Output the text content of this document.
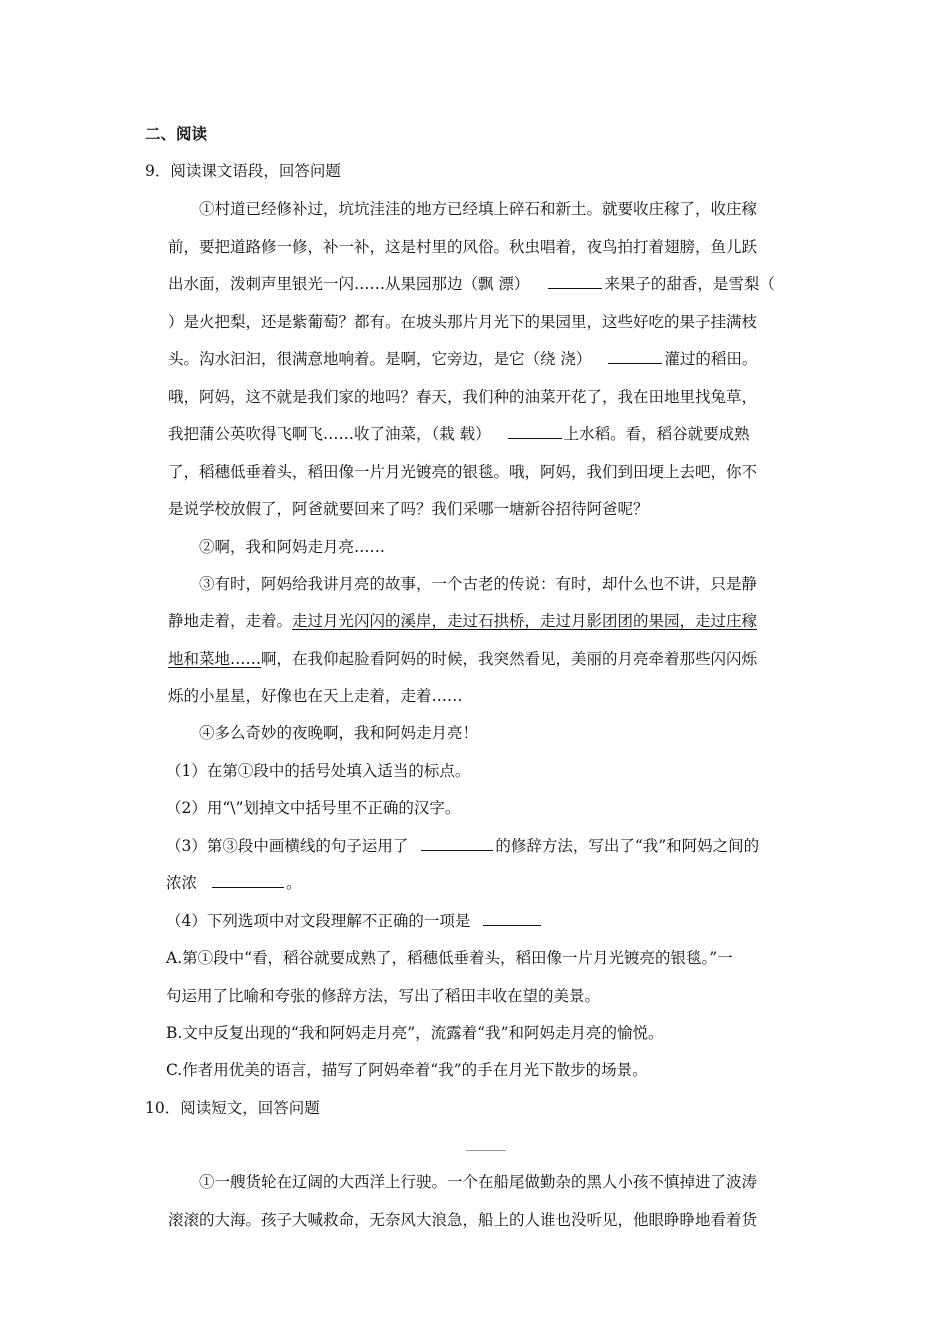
二、阅读
9．阅读课文语段，回答问题
①村道已经修补过，坑坑洼洼的地方已经填上碎石和新土。就要收庄稼了，收庄稼
前，要把道路修一修，补一补，这是村里的风俗。秋虫唱着，夜鸟拍打着翅膀，鱼儿跃
出水面，泼刺声里银光一闪……从果园那边（飘 漂）	来果子的甜香，是雪梨（
）是火把梨，还是紫葡萄？都有。在坡头那片月光下的果园里，这些好吃的果子挂满枝
头。沟水汩汩，很满意地响着。是啊，它旁边，是它（绕 浇）	灌过的稻田。
哦，阿妈，这不就是我们家的地吗？春天，我们种的油菜开花了，我在田地里找兔草，
我把蒲公英吹得飞啊飞……收了油菜，（栽 载）	上水稻。看，稻谷就要成熟
了，稻穗低垂着头，稻田像一片月光镀亮的银毯。哦，阿妈，我们到田埂上去吧，你不
是说学校放假了，阿爸就要回来了吗？我们采哪一塘新谷招待阿爸呢？
②啊，我和阿妈走月亮……
③有时，阿妈给我讲月亮的故事，一个古老的传说：有时，却什么也不讲，只是静
静地走着，走着。走过月光闪闪的溪岸，走过石拱桥，走过月影团团的果园，走过庄稼
地和菜地……啊，在我仰起脸看阿妈的时候，我突然看见，美丽的月亮牵着那些闪闪烁
烁的小星星，好像也在天上走着，走着……
④多么奇妙的夜晚啊，我和阿妈走月亮！
（1）在第①段中的括号处填入适当的标点。
（2）用“\”划掉文中括号里不正确的汉字。
（3）第③段中画横线的句子运用了	的修辞方法，写出了“我”和阿妈之间的
浓浓	。
（4）下列选项中对文段理解不正确的一项是
A.第①段中“看，稻谷就要成熟了，稻穗低垂着头，稻田像一片月光镀亮的银毯。”一
句运用了比喻和夸张的修辞方法，写出了稻田丰收在望的美景。
B.文中反复出现的“我和阿妈走月亮”，流露着“我”和阿妈走月亮的愉悦。
C.作者用优美的语言，描写了阿妈牵着“我”的手在月光下散步的场景。
10．阅读短文，回答问题
①一艘货轮在辽阔的大西洋上行驶。一个在船尾做勤杂的黑人小孩不慎掉进了波涛
滚滚的大海。孩子大喊救命，无奈风大浪急，船上的人谁也没听见，他眼睁睁地看着货
